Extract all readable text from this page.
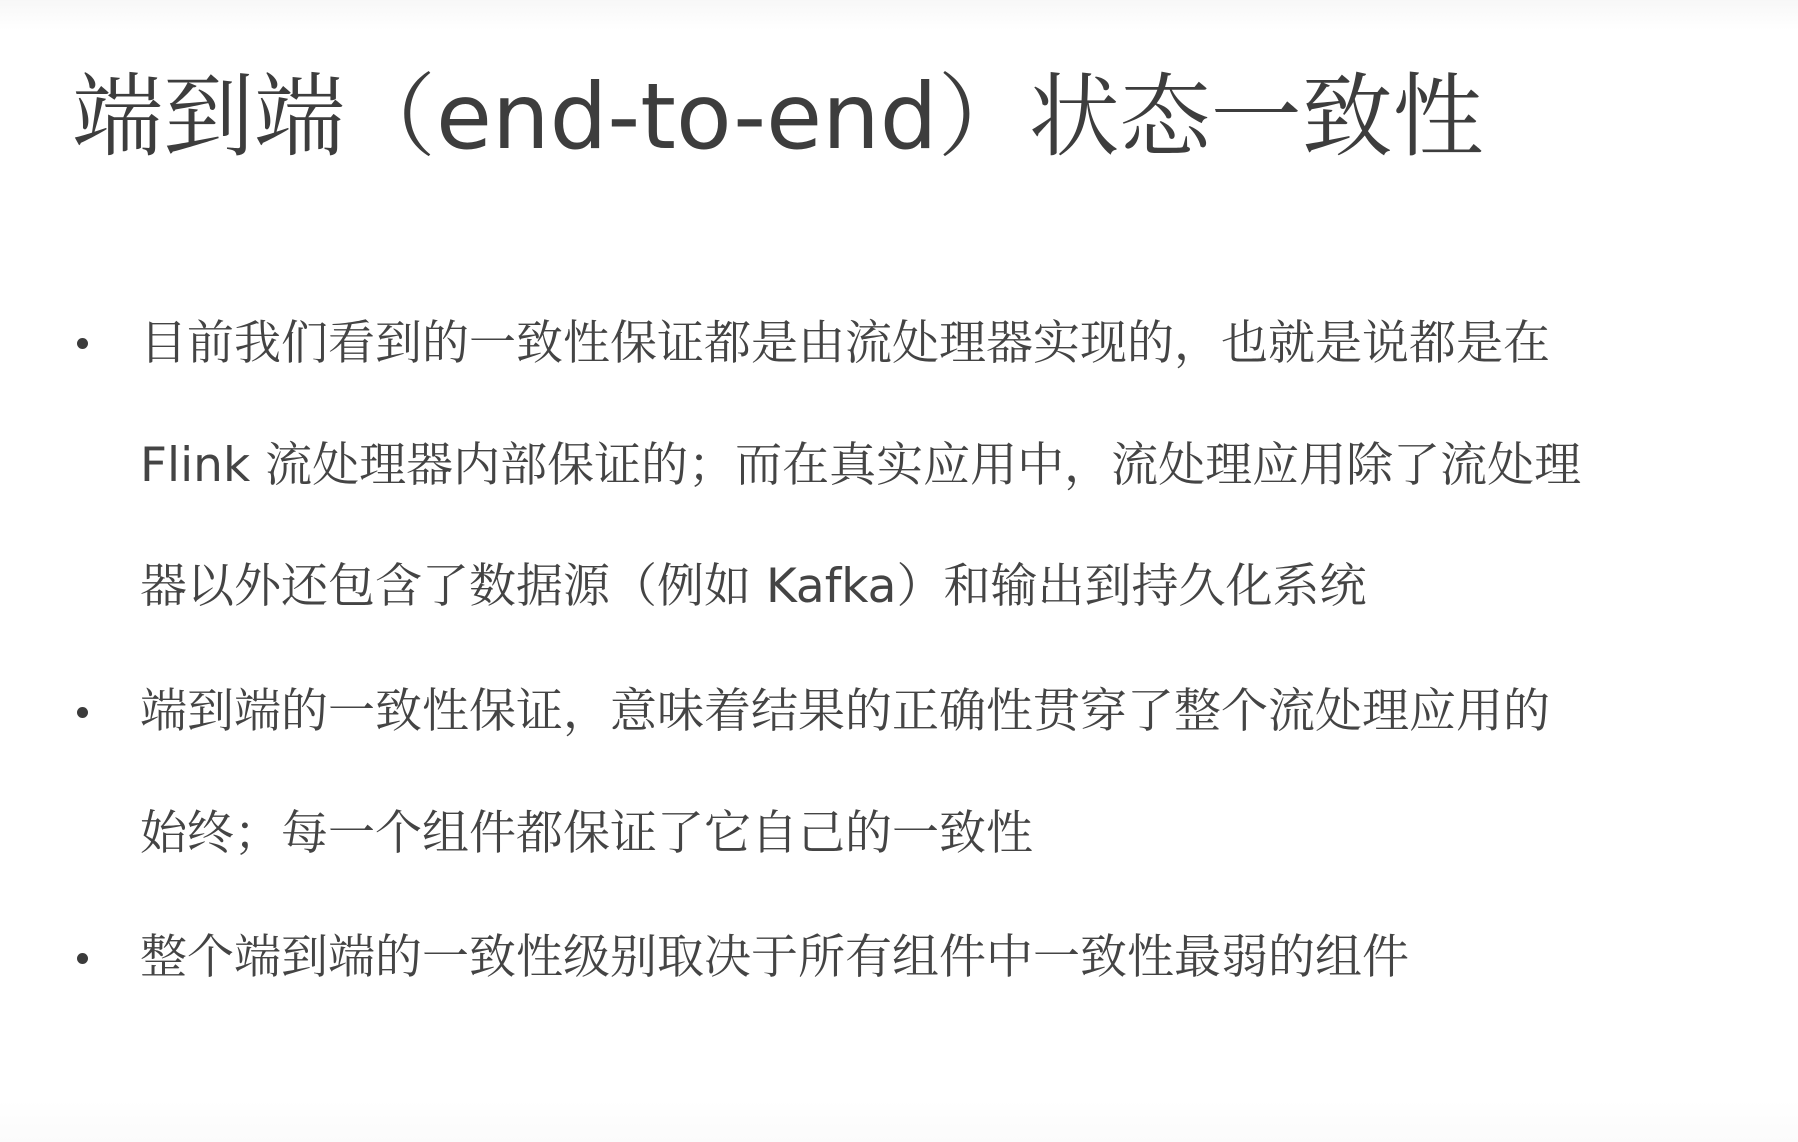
端到端（end-to-end）状态一致性
目前我们看到的一致性保证都是由流处理器实现的，也就是说都是在
Flink 流处理器内部保证的；而在真实应用中，流处理应用除了流处理
器以外还包含了数据源（例如 Kafka）和输出到持久化系统
端到端的一致性保证，意味着结果的正确性贯穿了整个流处理应用的
始终；每一个组件都保证了它自己的一致性
整个端到端的一致性级别取决于所有组件中一致性最弱的组件
